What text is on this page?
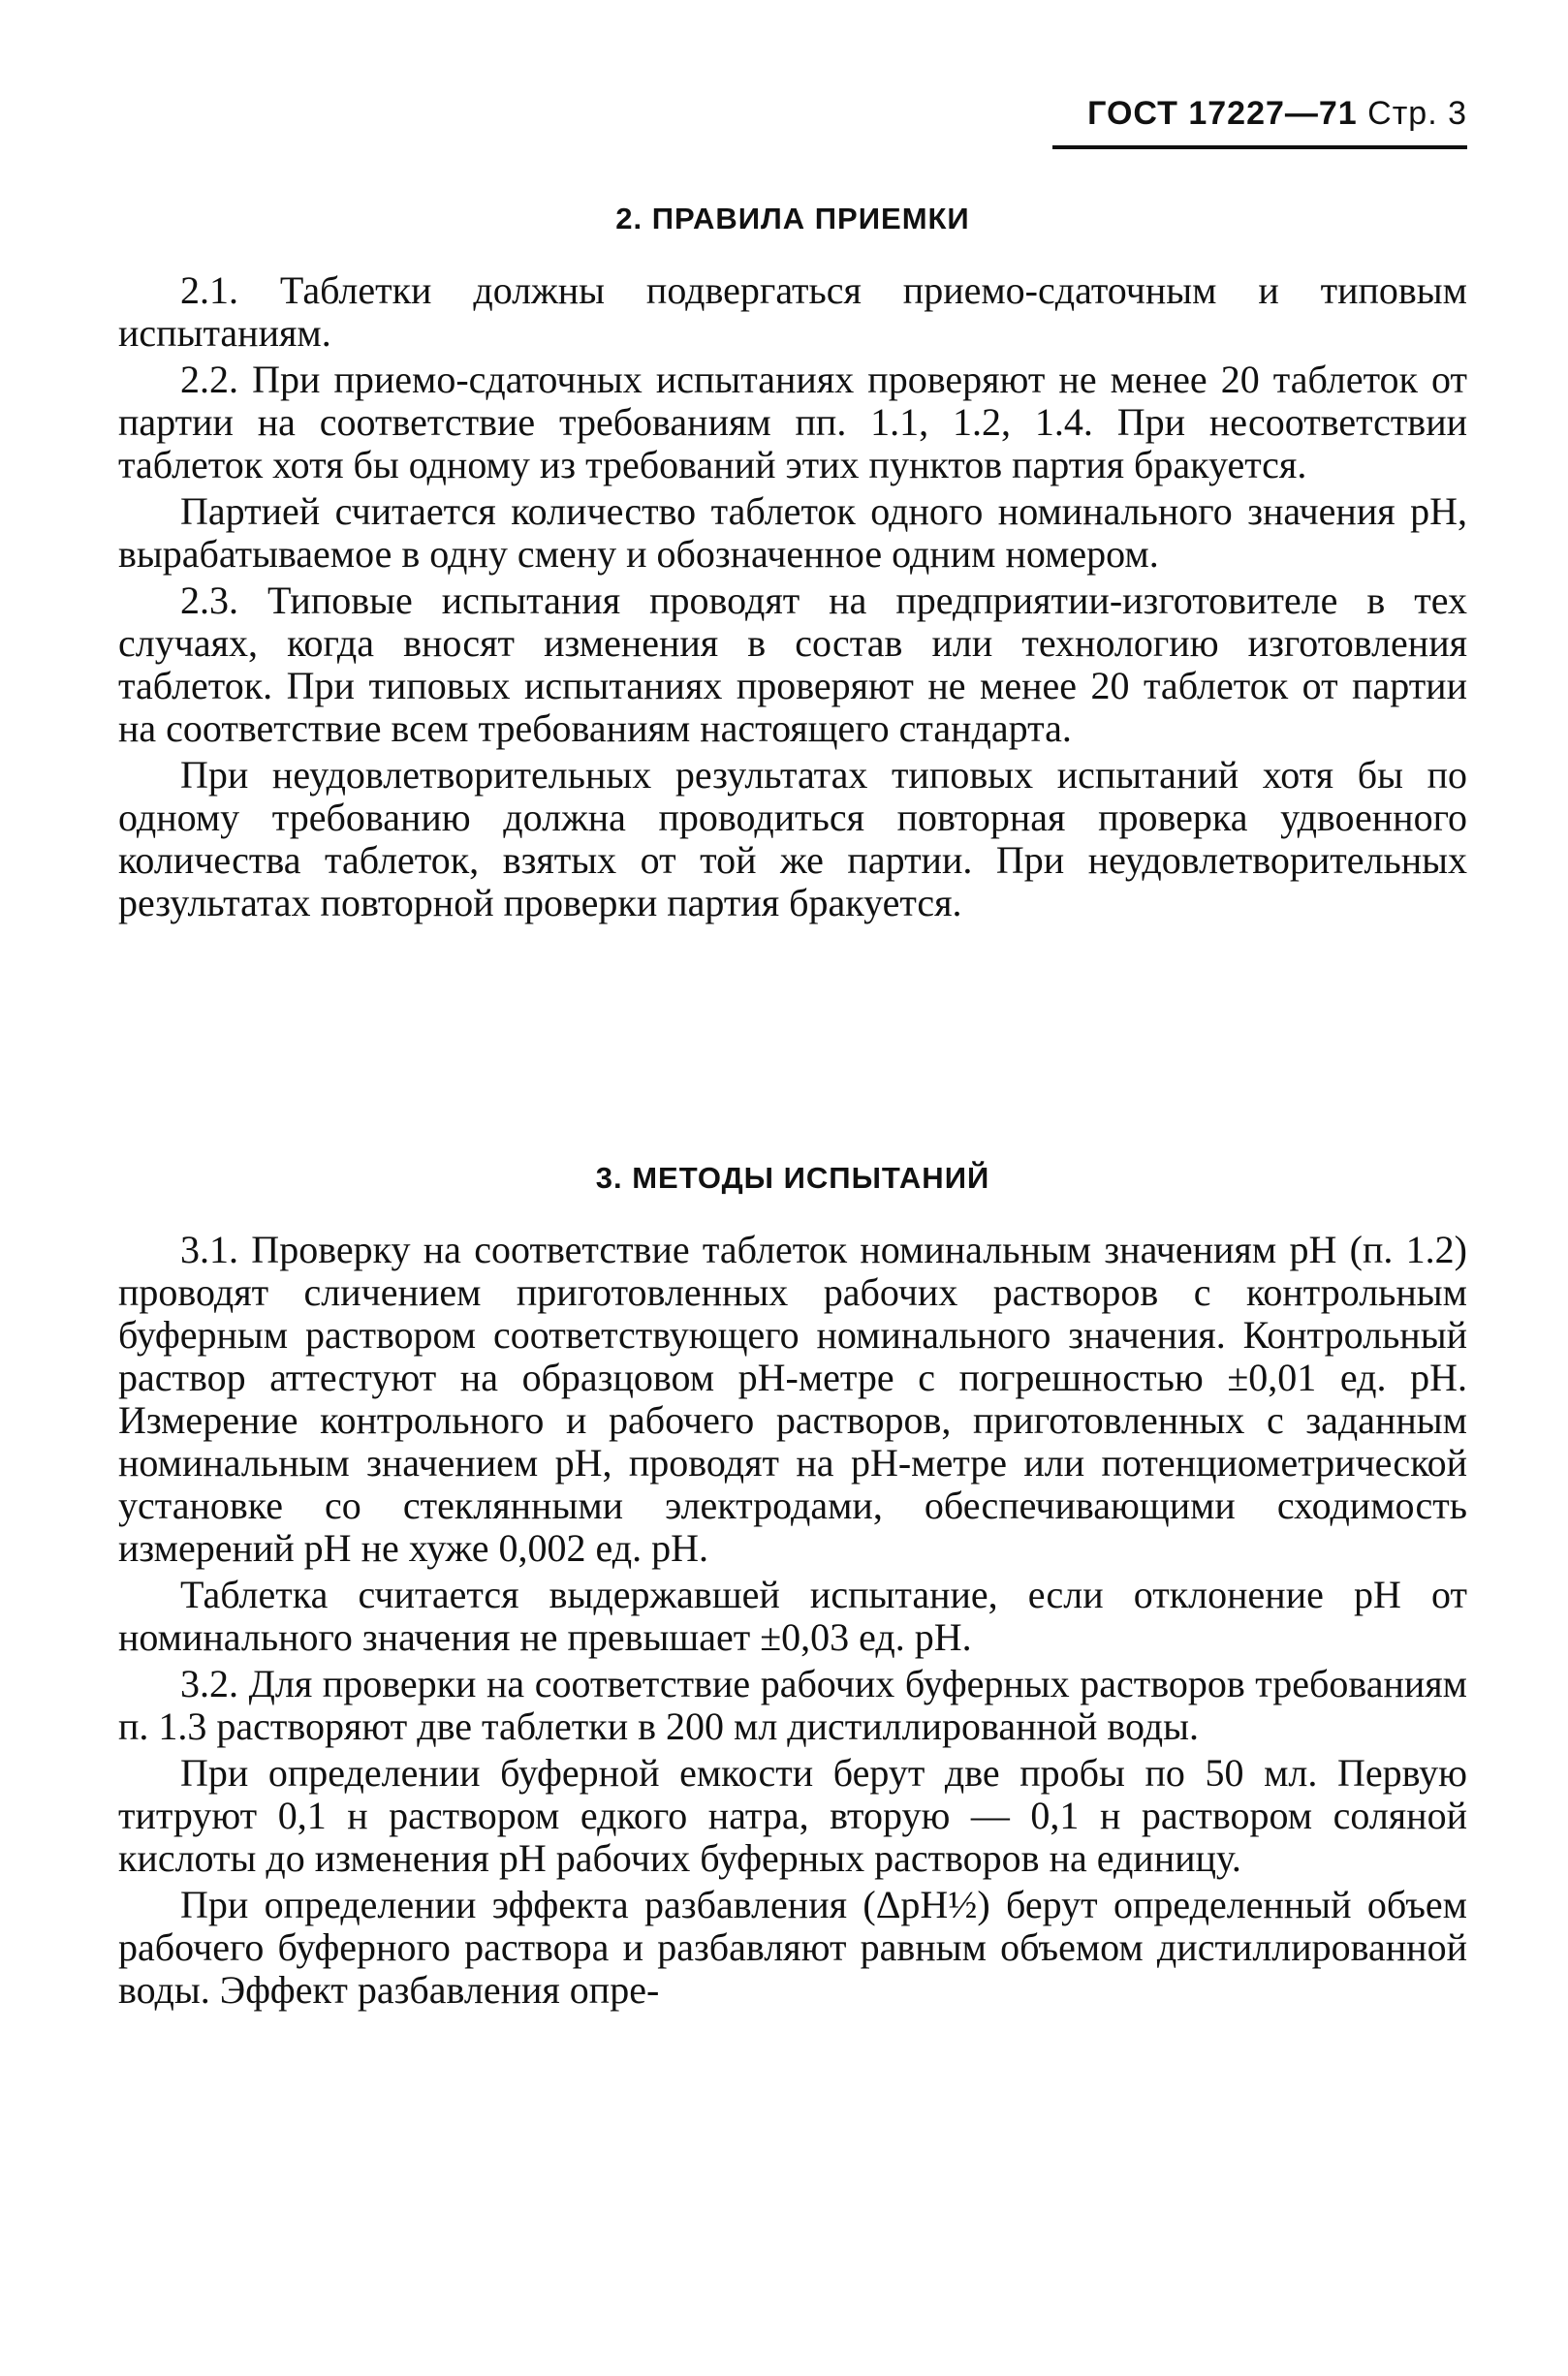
ГОСТ 17227—71 Стр. 3
2. ПРАВИЛА ПРИЕМКИ

2.1. Таблетки должны подвергаться приемо-сдаточным и типовым испытаниям.

2.2. При приемо-сдаточных испытаниях проверяют не менее 20 таблеток от партии на соответствие требованиям пп. 1.1, 1.2, 1.4. При несоответствии таблеток хотя бы одному из требований этих пунктов партия бракуется.

Партией считается количество таблеток одного номинального значения рН, вырабатываемое в одну смену и обозначенное одним номером.

2.3. Типовые испытания проводят на предприятии-изготовителе в тех случаях, когда вносят изменения в состав или технологию изготовления таблеток. При типовых испытаниях проверяют не менее 20 таблеток от партии на соответствие всем требованиям настоящего стандарта.

При неудовлетворительных результатах типовых испытаний хотя бы по одному требованию должна проводиться повторная проверка удвоенного количества таблеток, взятых от той же партии. При неудовлетворительных результатах повторной проверки партия бракуется.

3. МЕТОДЫ ИСПЫТАНИЙ

3.1. Проверку на соответствие таблеток номинальным значениям рН (п. 1.2) проводят сличением приготовленных рабочих растворов с контрольным буферным раствором соответствующего номинального значения. Контрольный раствор аттестуют на образцовом рН-метре с погрешностью ±0,01 ед. рН. Измерение контрольного и рабочего растворов, приготовленных с заданным номинальным значением рН, проводят на рН-метре или потенциометрической установке со стеклянными электродами, обеспечивающими сходимость измерений рН не хуже 0,002 ед. рН.

Таблетка считается выдержавшей испытание, если отклонение рН от номинального значения не превышает ±0,03 ед. рН.

3.2. Для проверки на соответствие рабочих буферных растворов требованиям п. 1.3 растворяют две таблетки в 200 мл дистиллированной воды.

При определении буферной емкости берут две пробы по 50 мл. Первую титруют 0,1 н раствором едкого натра, вторую — 0,1 н раствором соляной кислоты до изменения рН рабочих буферных растворов на единицу.

При определении эффекта разбавления (ΔрН½) берут определенный объем рабочего буферного раствора и разбавляют равным объемом дистиллированной воды. Эффект разбавления опре-
